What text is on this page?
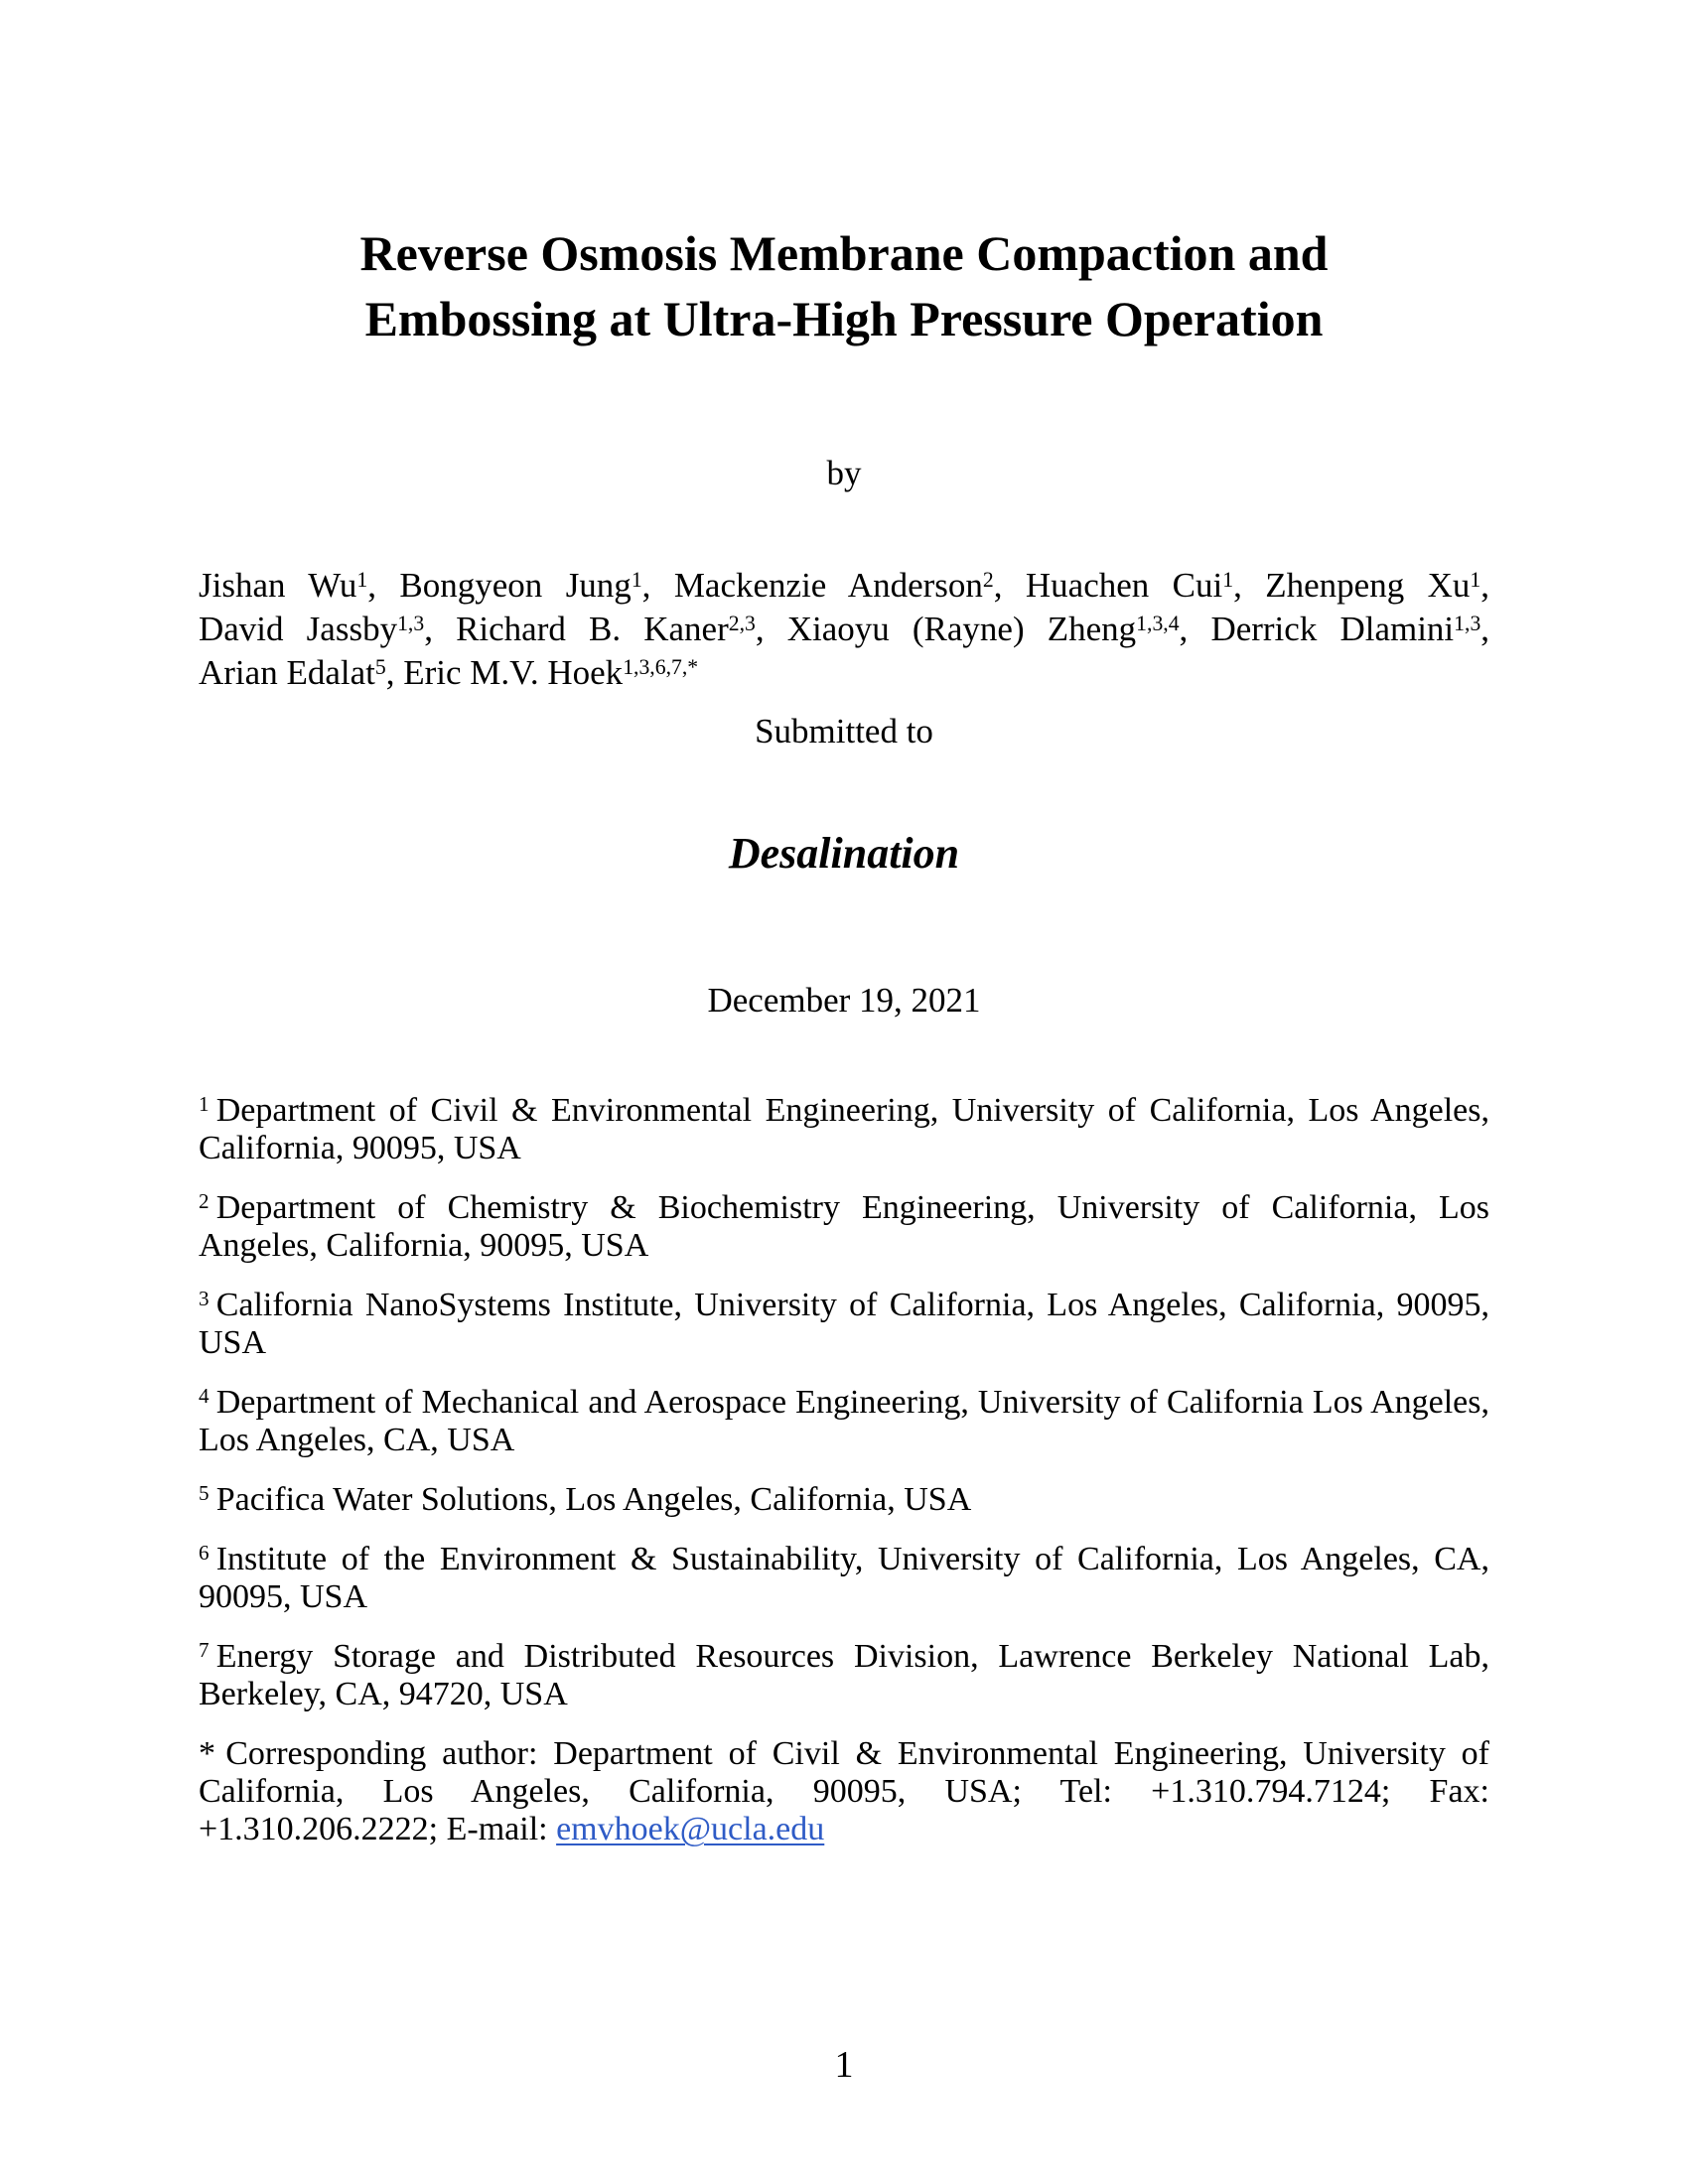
Reverse Osmosis Membrane Compaction and
Embossing at Ultra-High Pressure Operation
by
Jishan Wu$^1$, Bongyeon Jung$^1$, Mackenzie Anderson$^2$, Huachen Cui$^1$, Zhenpeng Xu$^1$,
David Jassby$^{1,3}$, Richard B. Kaner$^{2,3}$, Xiaoyu (Rayne) Zheng$^{1,3,4}$, Derrick Dlamini$^{1,3}$,
Arian Edalat$^5$, Eric M.V. Hoek$^{1,3,6,7,*}$
Submitted to
Desalination
December 19, 2021

$^1$ Department of Civil & Environmental Engineering, University of California, Los Angeles, California, 90095, USA

$^2$ Department of Chemistry & Biochemistry Engineering, University of California, Los Angeles, California, 90095, USA

$^3$ California NanoSystems Institute, University of California, Los Angeles, California, 90095, USA

$^4$ Department of Mechanical and Aerospace Engineering, University of California Los Angeles, Los Angeles, CA, USA

$^5$ Pacifica Water Solutions, Los Angeles, California, USA

$^6$ Institute of the Environment & Sustainability, University of California, Los Angeles, CA, 90095, USA

$^7$ Energy Storage and Distributed Resources Division, Lawrence Berkeley National Lab, Berkeley, CA, 94720, USA

* Corresponding author: Department of Civil & Environmental Engineering, University of California, Los Angeles, California, 90095, USA; Tel: +1.310.794.7124; Fax: +1.310.206.2222; E-mail: emvhoek@ucla.edu

1
